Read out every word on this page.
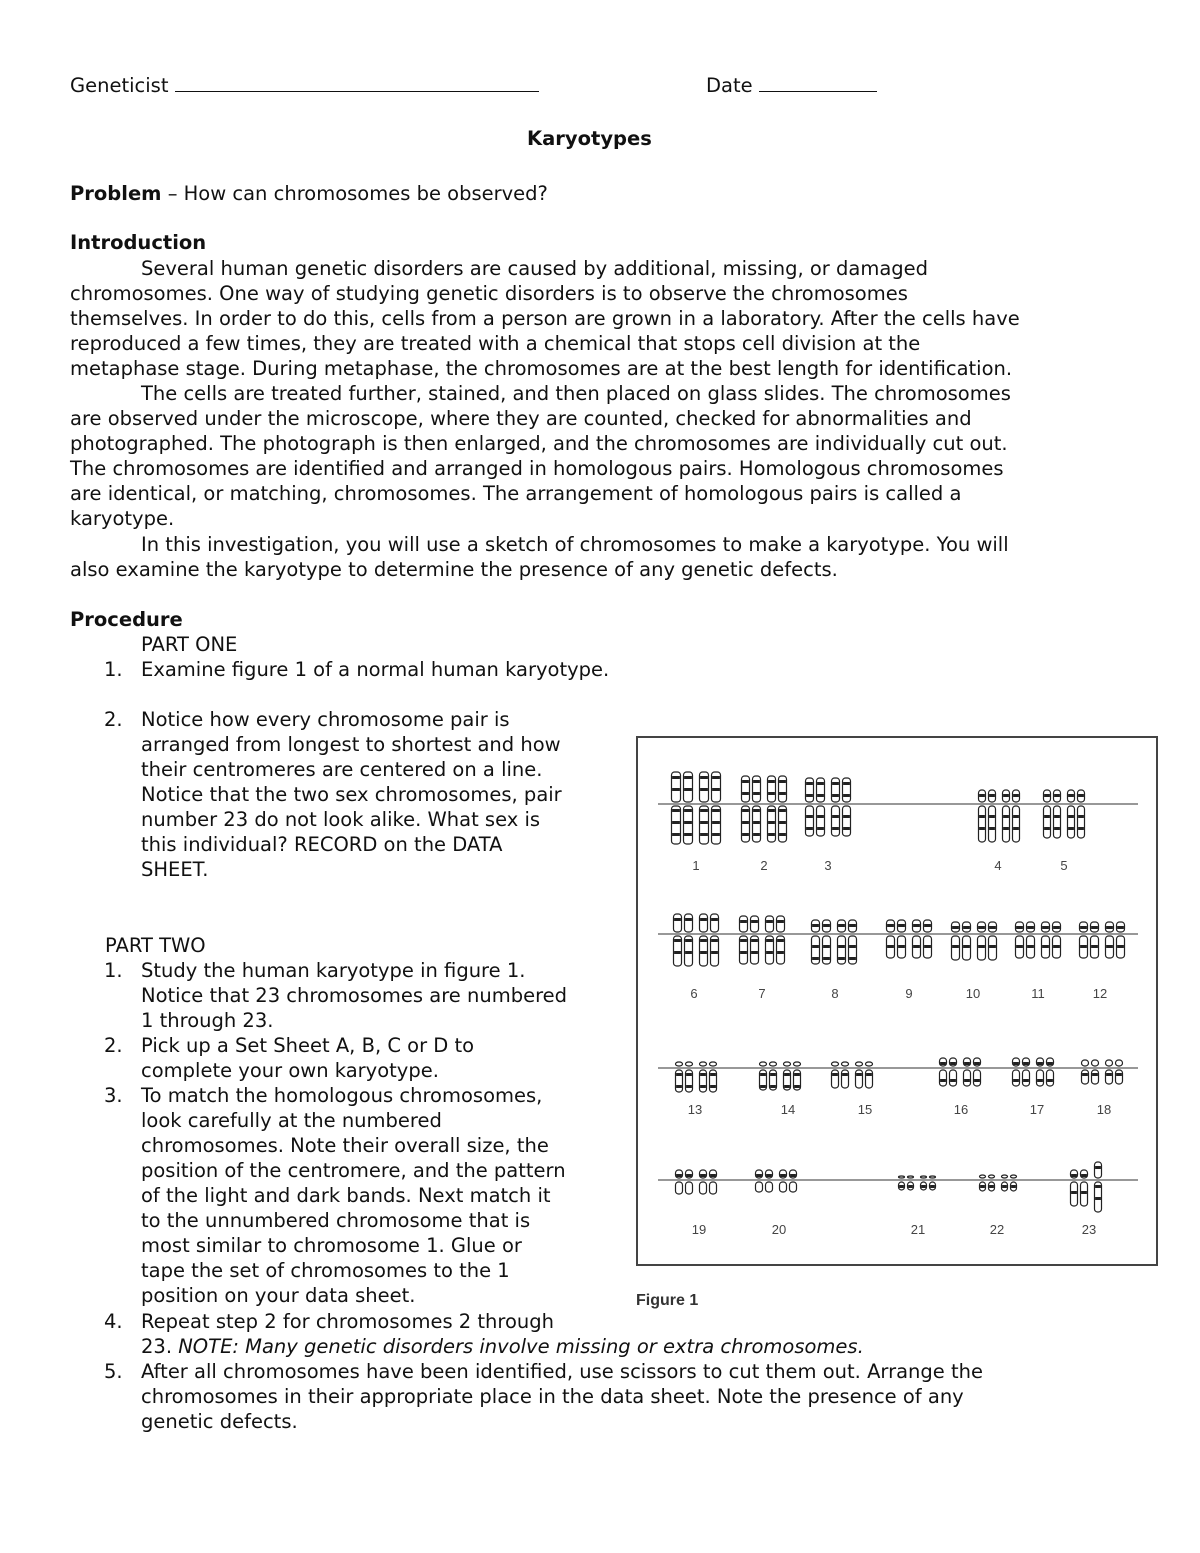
Geneticist	Date
Karyotypes
Problem – How can chromosomes be observed?
Introduction
Several human genetic disorders are caused by additional, missing, or damaged
chromosomes. One way of studying genetic disorders is to observe the chromosomes
themselves. In order to do this, cells from a person are grown in a laboratory. After the cells have
reproduced a few times, they are treated with a chemical that stops cell division at the
metaphase stage. During metaphase, the chromosomes are at the best length for identification.
The cells are treated further, stained, and then placed on glass slides. The chromosomes
are observed under the microscope, where they are counted, checked for abnormalities and
photographed. The photograph is then enlarged, and the chromosomes are individually cut out.
The chromosomes are identified and arranged in homologous pairs. Homologous chromosomes
are identical, or matching, chromosomes. The arrangement of homologous pairs is called a
karyotype.
In this investigation, you will use a sketch of chromosomes to make a karyotype. You will
also examine the karyotype to determine the presence of any genetic defects.
Procedure
PART ONE
1. Examine figure 1 of a normal human karyotype.
2. Notice how every chromosome pair is
arranged from longest to shortest and how
their centromeres are centered on a line.
Notice that the two sex chromosomes, pair
number 23 do not look alike. What sex is
this individual? RECORD on the DATA
SHEET.
PART TWO
1. Study the human karyotype in figure 1.
Notice that 23 chromosomes are numbered
1 through 23.
2. Pick up a Set Sheet A, B, C or D to
complete your own karyotype.
3. To match the homologous chromosomes,
look carefully at the numbered
chromosomes. Note their overall size, the
position of the centromere, and the pattern
of the light and dark bands. Next match it
to the unnumbered chromosome that is
most similar to chromosome 1. Glue or
tape the set of chromosomes to the 1
position on your data sheet.
4. Repeat step 2 for chromosomes 2 through
23. NOTE: Many genetic disorders involve missing or extra chromosomes.
5. After all chromosomes have been identified, use scissors to cut them out. Arrange the
chromosomes in their appropriate place in the data sheet. Note the presence of any
genetic defects.
1	2	3	4	5
6	7	8	9	10	11	12
13	14	15	16	17	18
19	20	21	22	23
Figure 1
